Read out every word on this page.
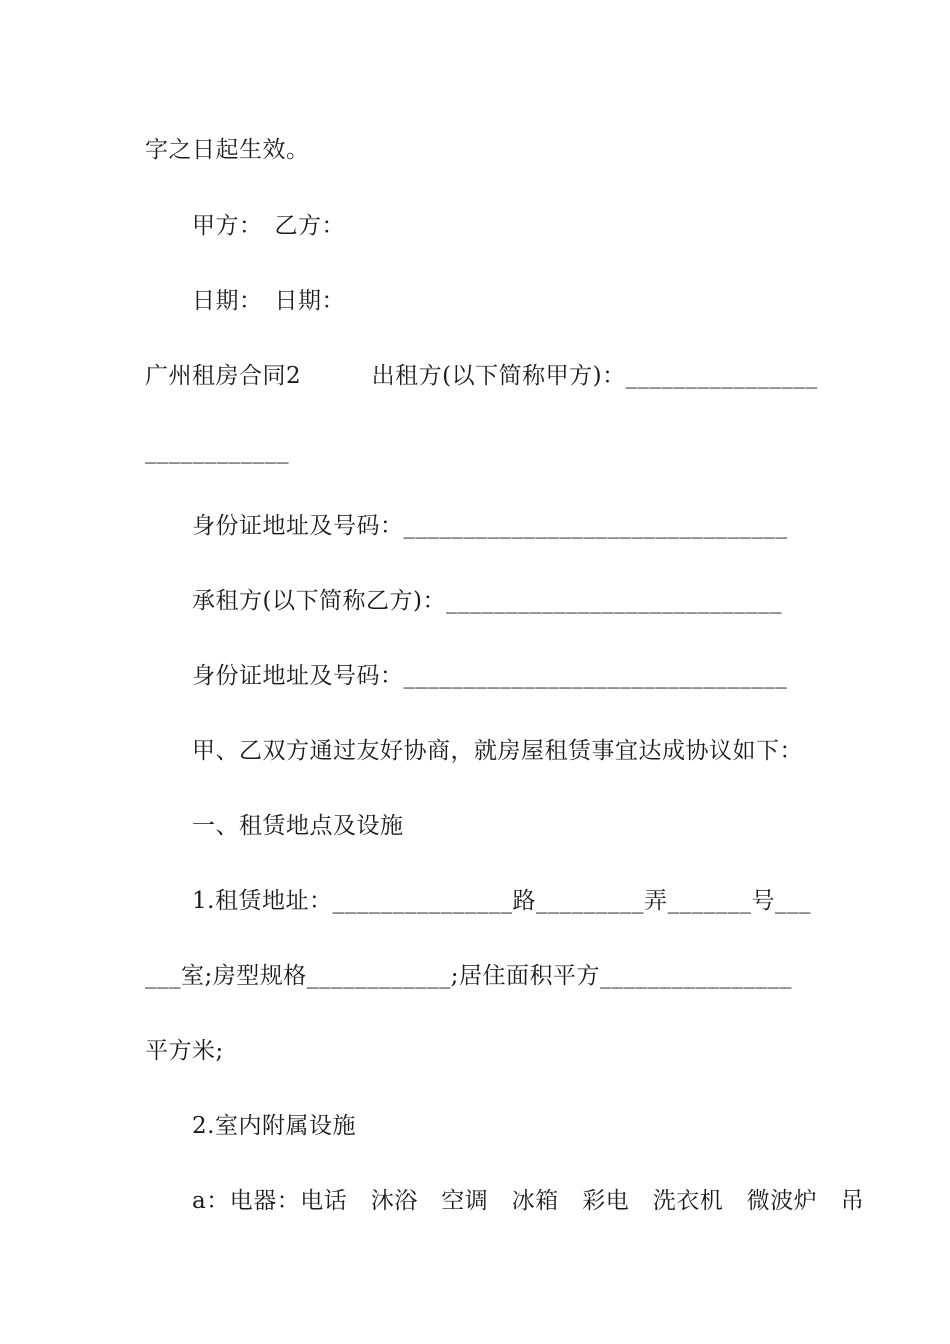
字之日起生效。
甲方：　乙方：
日期：　日期：
广州租房合同2　　　出租方(以下简称甲方)：________________
____________
身份证地址及号码：________________________________
承租方(以下简称乙方)：____________________________
身份证地址及号码：________________________________
甲、乙双方通过友好协商，就房屋租赁事宜达成协议如下：
一、租赁地点及设施
1.租赁地址：_______________路_________弄_______号___
___室;房型规格____________;居住面积平方________________
平方米;
2.室内附属设施
a：电器：电话　沐浴　空调　冰箱　彩电　洗衣机　微波炉　吊
